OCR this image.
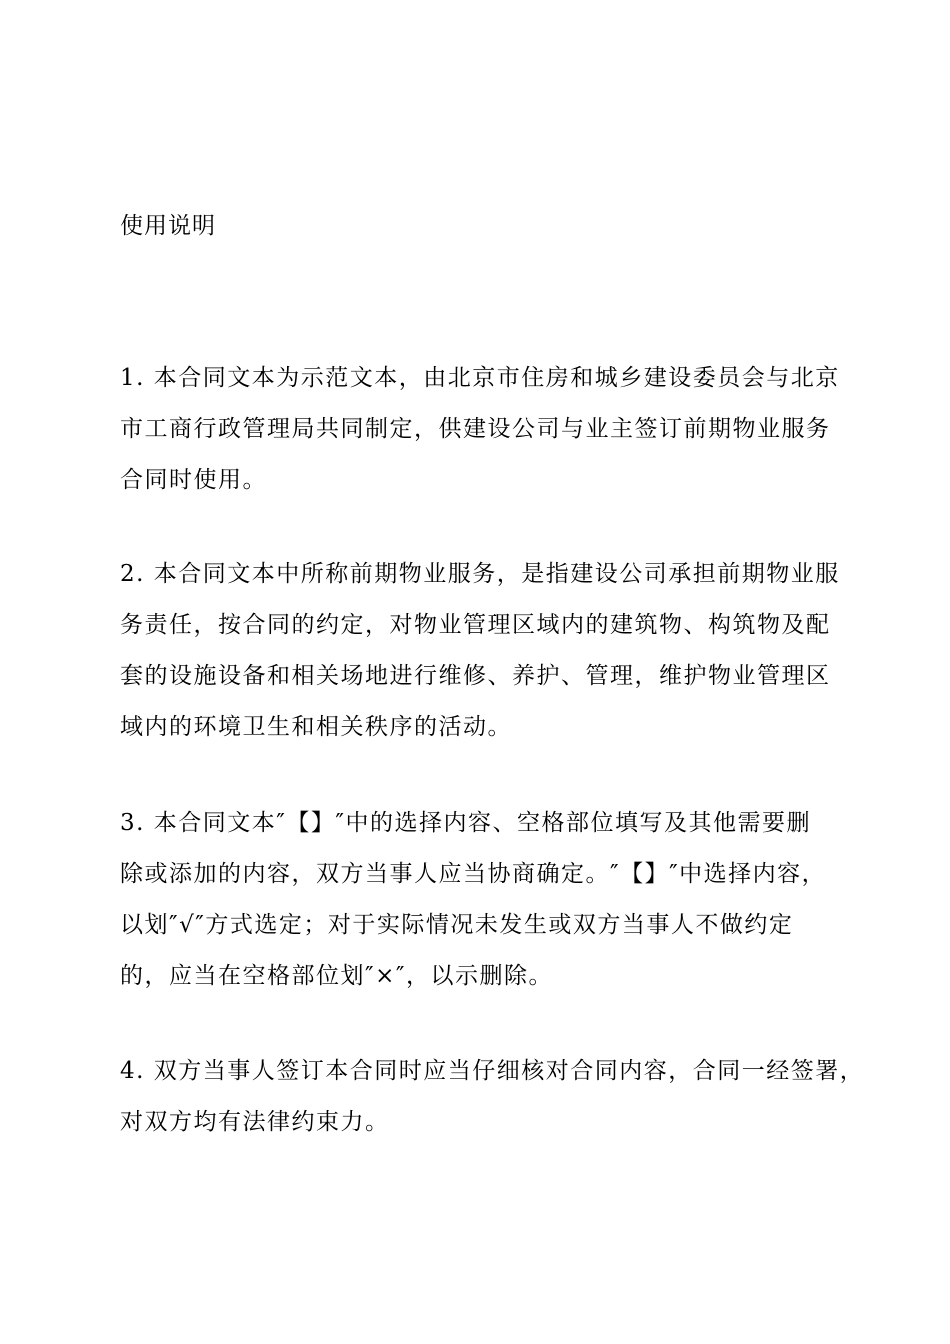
使用说明
1. 本合同文本为示范文本，由北京市住房和城乡建设委员会与北京
市工商行政管理局共同制定，供建设公司与业主签订前期物业服务
合同时使用。
2. 本合同文本中所称前期物业服务，是指建设公司承担前期物业服
务责任，按合同的约定，对物业管理区域内的建筑物、构筑物及配
套的设施设备和相关场地进行维修、养护、管理，维护物业管理区
域内的环境卫生和相关秩序的活动。
3. 本合同文本″【】″中的选择内容、空格部位填写及其他需要删
除或添加的内容，双方当事人应当协商确定。″【】″中选择内容，
以划″√″方式选定；对于实际情况未发生或双方当事人不做约定
的，应当在空格部位划″×″，以示删除。
4. 双方当事人签订本合同时应当仔细核对合同内容，合同一经签署，
对双方均有法律约束力。
